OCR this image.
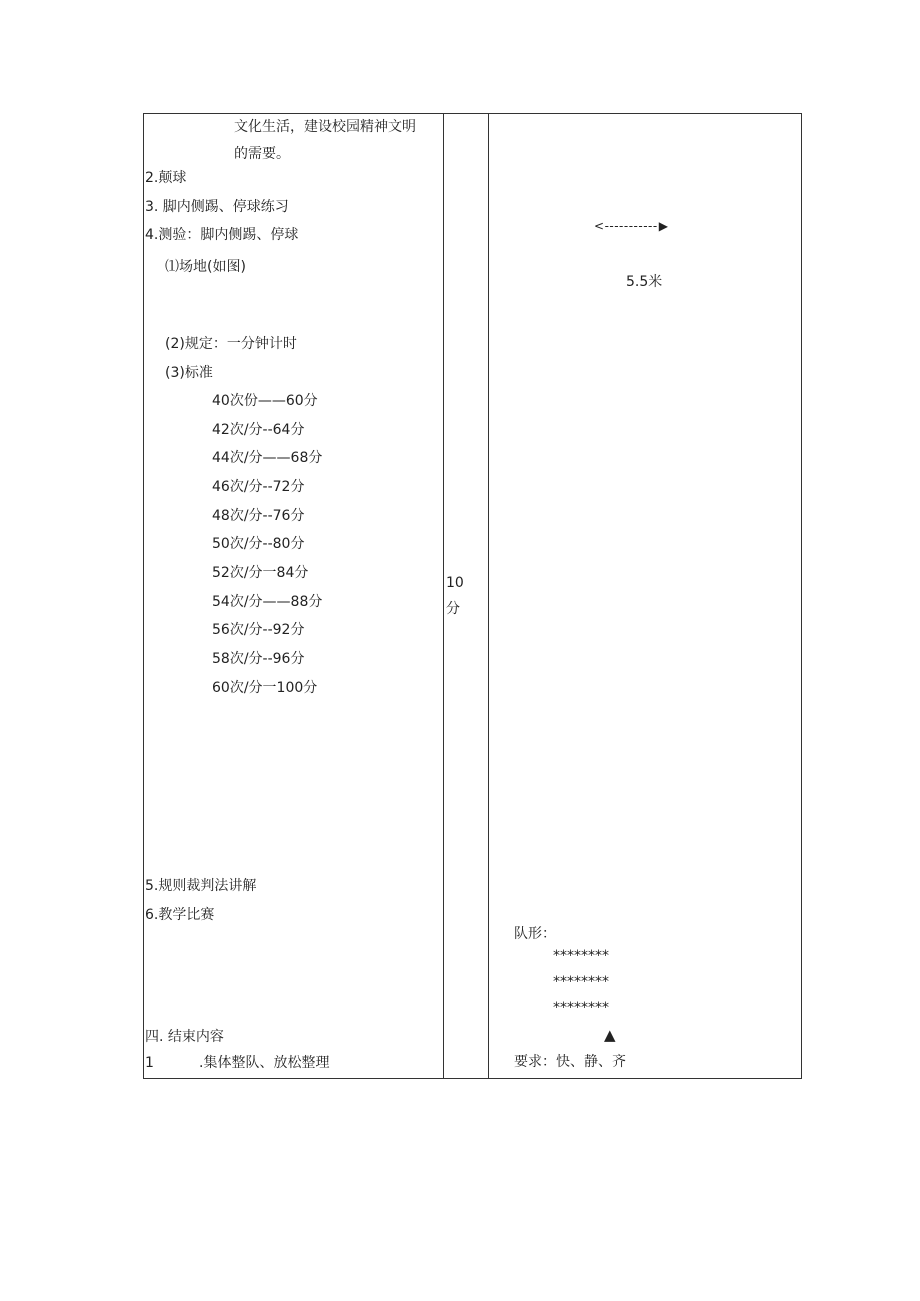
文化生活，建设校园精神文明
的需要。
2.颠球
3. 脚内侧踢、停球练习
4.测验：脚内侧踢、停球
⑴场地(如图)
(2)规定：一分钟计时
(3)标准
40次份——60分
42次/分--64分
44次/分——68分
46次/分--72分
48次/分--76分
50次/分--80分
52次/分一84分
54次/分——88分
56次/分--92分
58次/分--96分
60次/分一100分
5.规则裁判法讲解
6.教学比赛
四. 结束内容
1	.集体整队、放松整理
10
分
< ----------- ▶
5.5米
队形：
********
********
********
▲
要求：快、静、齐
